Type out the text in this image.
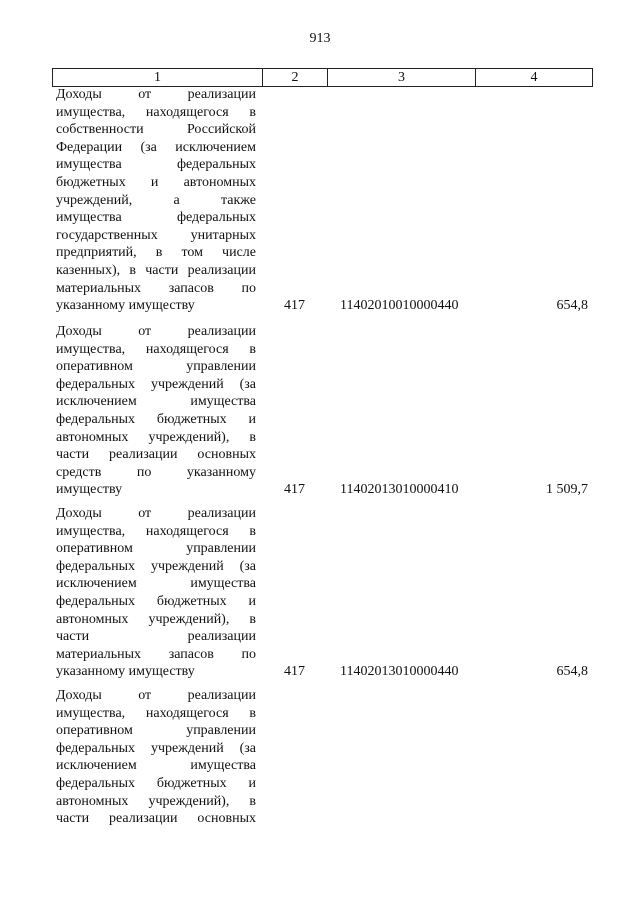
913
1	2	3	4
Доходы от реализации
имущества, находящегося в
собственности Российской
Федерации (за исключением
имущества федеральных
бюджетных и автономных
учреждений, а также
имущества федеральных
государственных унитарных
предприятий, в том числе
казенных), в части реализации
материальных запасов по
указанному имуществу	417	11402010010000440	654,8
Доходы от реализации
имущества, находящегося в
оперативном управлении
федеральных учреждений (за
исключением имущества
федеральных бюджетных и
автономных учреждений), в
части реализации основных
средств по указанному
имуществу	417	11402013010000410	1 509,7
Доходы от реализации
имущества, находящегося в
оперативном управлении
федеральных учреждений (за
исключением имущества
федеральных бюджетных и
автономных учреждений), в
части реализации
материальных запасов по
указанному имуществу	417	11402013010000440	654,8
Доходы от реализации
имущества, находящегося в
оперативном управлении
федеральных учреждений (за
исключением имущества
федеральных бюджетных и
автономных учреждений), в
части реализации основных
